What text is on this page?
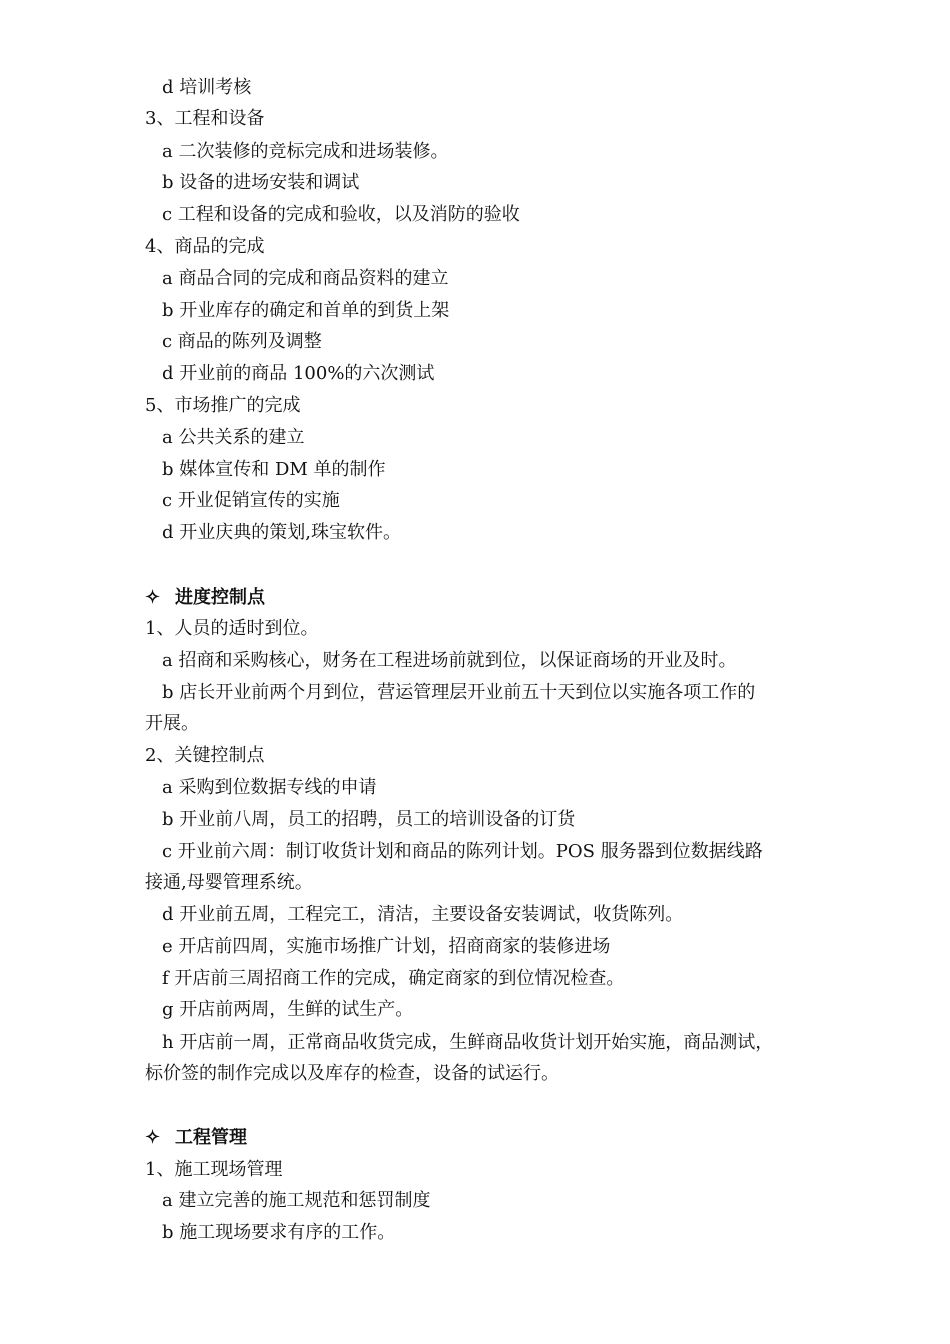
d 培训考核
3、工程和设备
a 二次装修的竞标完成和进场装修。
b 设备的进场安装和调试
c 工程和设备的完成和验收，以及消防的验收
4、商品的完成
a 商品合同的完成和商品资料的建立
b 开业库存的确定和首单的到货上架
c 商品的陈列及调整
d 开业前的商品 100%的六次测试
5、市场推广的完成
a 公共关系的建立
b 媒体宣传和 DM 单的制作
c 开业促销宣传的实施
d 开业庆典的策划,珠宝软件。
✧ 进度控制点
1、人员的适时到位。
a 招商和采购核心，财务在工程进场前就到位，以保证商场的开业及时。
b 店长开业前两个月到位，营运管理层开业前五十天到位以实施各项工作的
开展。
2、关键控制点
a 采购到位数据专线的申请
b 开业前八周，员工的招聘，员工的培训设备的订货
c 开业前六周：制订收货计划和商品的陈列计划。POS 服务器到位数据线路
接通,母婴管理系统。
d 开业前五周，工程完工，清洁，主要设备安装调试，收货陈列。
e 开店前四周，实施市场推广计划，招商商家的装修进场
f 开店前三周招商工作的完成，确定商家的到位情况检查。
g 开店前两周，生鲜的试生产。
h 开店前一周，正常商品收货完成，生鲜商品收货计划开始实施，商品测试，
标价签的制作完成以及库存的检查，设备的试运行。
✧ 工程管理
1、施工现场管理
a 建立完善的施工规范和惩罚制度
b 施工现场要求有序的工作。
